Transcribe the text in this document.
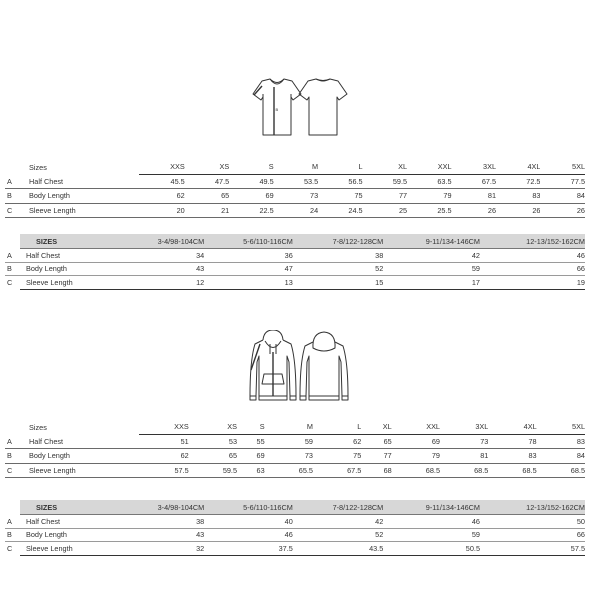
B
	Sizes	XXS	XS	S	M	L	XL	XXL	3XL	4XL	5XL
A	Half Chest	45.5	47.5	49.5	53.5	56.5	59.5	63.5	67.5	72.5	77.5
B	Body Length	62	65	69	73	75	77	79	81	83	84
C	Sleeve Length	20	21	22.5	24	24.5	25	25.5	26	26	26
	SIZES	3-4/98-104CM	5-6/110-116CM	7-8/122-128CM	9-11/134-146CM	12-13/152-162CM
A	Half Chest	34	36	38	42	46
B	Body Length	43	47	52	59	66
C	Sleeve Length	12	13	15	17	19
	Sizes	XXS	XS	S	M	L	XL	XXL	3XL	4XL	5XL
A	Half Chest	51	53	55	59	62	65	69	73	78	83
B	Body Length	62	65	69	73	75	77	79	81	83	84
C	Sleeve Length	57.5	59.5	63	65.5	67.5	68	68.5	68.5	68.5	68.5
	SIZES	3-4/98-104CM	5-6/110-116CM	7-8/122-128CM	9-11/134-146CM	12-13/152-162CM
A	Half Chest	38	40	42	46	50
B	Body Length	43	46	52	59	66
C	Sleeve Length	32	37.5	43.5	50.5	57.5
